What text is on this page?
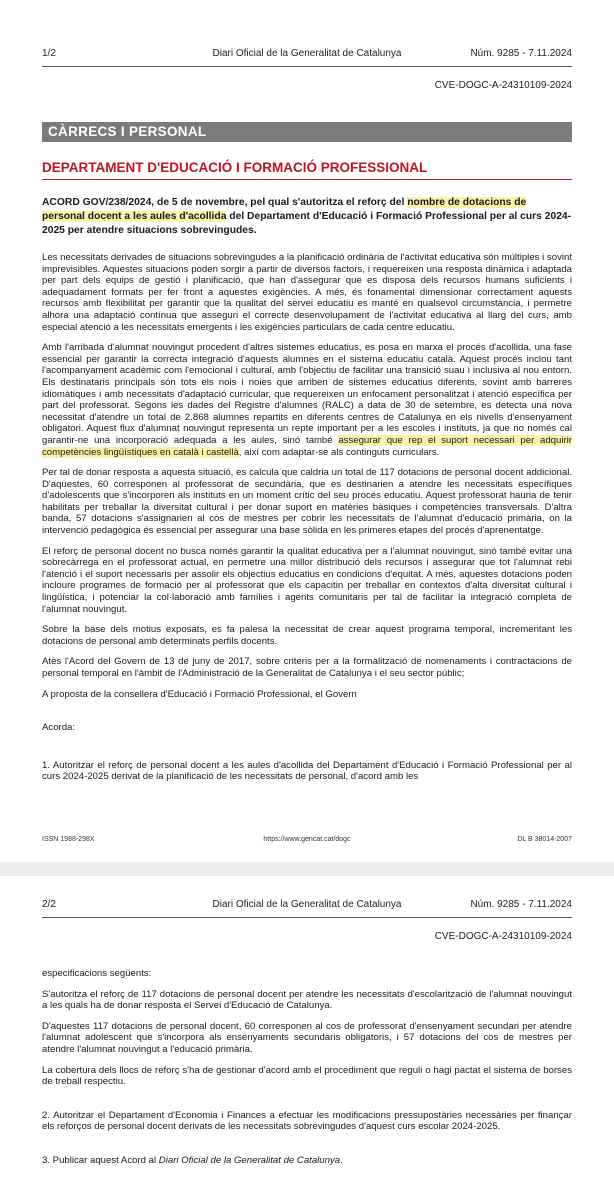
1/2	Diari Oficial de la Generalitat de Catalunya	Núm. 9285 - 7.11.2024
CVE-DOGC-A-24310109-2024
CÀRRECS I PERSONAL
DEPARTAMENT D'EDUCACIÓ I FORMACIÓ PROFESSIONAL
ACORD GOV/238/2024, de 5 de novembre, pel qual s'autoritza el reforç del nombre de dotacions de personal docent a les aules d'acollida del Departament d'Educació i Formació Professional per al curs 2024-2025 per atendre situacions sobrevingudes.

Les necessitats derivades de situacions sobrevingudes a la planificació ordinària de l'activitat educativa són múltiples i sovint imprevisibles. Aquestes situacions poden sorgir a partir de diversos factors, i requereixen una resposta dinàmica i adaptada per part dels equips de gestió i planificació, que han d'assegurar que es disposa dels recursos humans suficients i adequadament formats per fer front a aquestes exigències. A més, és fonamental dimensionar correctament aquests recursos amb flexibilitat per garantir que la qualitat del servei educatiu es manté en qualsevol circumstància, i permetre alhora una adaptació contínua que asseguri el correcte desenvolupament de l'activitat educativa al llarg del curs, amb especial atenció a les necessitats emergents i les exigències particulars de cada centre educatiu.

Amb l'arribada d'alumnat nouvingut procedent d'altres sistemes educatius, es posa en marxa el procés d'acollida, una fase essencial per garantir la correcta integració d'aquests alumnes en el sistema educatiu català. Aquest procés inclou tant l'acompanyament acadèmic com l'emocional i cultural, amb l'objectiu de facilitar una transició suau i inclusiva al nou entorn. Els destinataris principals són tots els nois i noies que arriben de sistemes educatius diferents, sovint amb barreres idiomàtiques i amb necessitats d'adaptació curricular, que requereixen un enfocament personalitzat i atenció específica per part del professorat. Segons les dades del Registre d'alumnes (RALC) a data de 30 de setembre, es detecta una nova necessitat d'atendre un total de 2.868 alumnes repartits en diferents centres de Catalunya en els nivells d'ensenyament obligatori. Aquest flux d'alumnat nouvingut representa un repte important per a les escoles i instituts, ja que no només cal garantir-ne una incorporació adequada a les aules, sinó també assegurar que rep el suport necessari per adquirir competències lingüístiques en català i castellà, així com adaptar-se als continguts curriculars.

Per tal de donar resposta a aquesta situació, es calcula que caldria un total de 117 dotacions de personal docent addicional. D'aquestes, 60 corresponen al professorat de secundària, que es destinarien a atendre les necessitats específiques d'adolescents que s'incorporen als instituts en un moment crític del seu procés educatiu. Aquest professorat hauria de tenir habilitats per treballar la diversitat cultural i per donar suport en matèries bàsiques i competències transversals. D'altra banda, 57 dotacions s'assignarien al cos de mestres per cobrir les necessitats de l'alumnat d'educació primària, on la intervenció pedagògica és essencial per assegurar una base sòlida en les primeres etapes del procés d'aprenentatge.

El reforç de personal docent no busca només garantir la qualitat educativa per a l'alumnat nouvingut, sinó també evitar una sobrecàrrega en el professorat actual, en permetre una millor distribució dels recursos i assegurar que tot l'alumnat rebi l'atenció i el suport necessaris per assolir els objectius educatius en condicions d'equitat. A més, aquestes dotacions poden incloure programes de formació per al professorat que els capacitin per treballar en contextos d'alta diversitat cultural i lingüística, i potenciar la col·laboració amb famílies i agents comunitaris per tal de facilitar la integració completa de l'alumnat nouvingut.

Sobre la base dels motius exposats, es fa palesa la necessitat de crear aquest programa temporal, incrementant les dotacions de personal amb determinats perfils docents.

Atès l'Acord del Govern de 13 de juny de 2017, sobre criteris per a la formalització de nomenaments i contractacions de personal temporal en l'àmbit de l'Administració de la Generalitat de Catalunya i el seu sector públic;

A proposta de la consellera d'Educació i Formació Professional, el Govern

Acorda:

1. Autoritzar el reforç de personal docent a les aules d'acollida del Departament d'Educació i Formació Professional per al curs 2024-2025 derivat de la planificació de les necessitats de personal, d'acord amb les

ISSN 1988-298X	https://www.gencat.cat/dogc	DL B 38014-2007
2/2	Diari Oficial de la Generalitat de Catalunya	Núm. 9285 - 7.11.2024
CVE-DOGC-A-24310109-2024

especificacions següents:

S'autoritza el reforç de 117 dotacions de personal docent per atendre les necessitats d'escolarització de l'alumnat nouvingut a les quals ha de donar resposta el Servei d'Educació de Catalunya.

D'aquestes 117 dotacions de personal docent, 60 corresponen al cos de professorat d'ensenyament secundari per atendre l'alumnat adolescent que s'incorpora als ensenyaments secundaris obligatoris, i 57 dotacions del cos de mestres per atendre l'alumnat nouvingut a l'educació primària.

La cobertura dels llocs de reforç s'ha de gestionar d'acord amb el procediment que reguli o hagi pactat el sistema de borses de treball respectiu.

2. Autoritzar el Departament d'Economia i Finances a efectuar les modificacions pressupostàries necessàries per finançar els reforços de personal docent derivats de les necessitats sobrevingudes d'aquest curs escolar 2024-2025.

3. Publicar aquest Acord al Diari Oficial de la Generalitat de Catalunya.
